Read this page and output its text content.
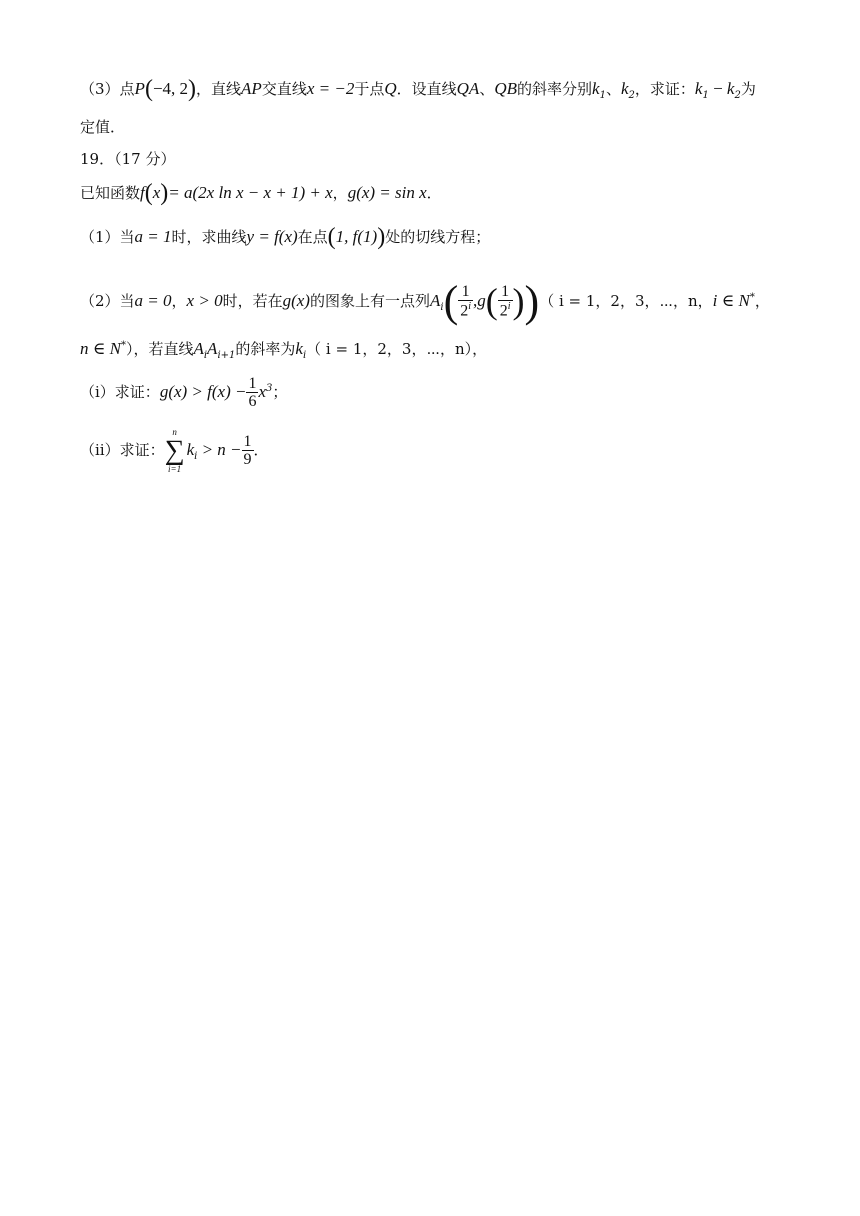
（3）点P(−4, 2)，直线AP交直线x = −2于点Q．设直线QA、QB的斜率分别$k_1$、$k_2$，求证：$k_1 - k_2$为
定值．
19．（17 分）
已知函数f(x)= a(2x ln x − x + 1) + x，g(x) = sin x．
（1）当a = 1时，求曲线y = f(x)在点(1, f(1))处的切线方程；
（2）当a = 0，x > 0时，若在g(x)的图象上有一点列$A_i( \frac{1}{2^i} ,g( \frac{1}{2^i}$ ))（ i = 1，2，3，⋯，n，i ∈ N*，
n ∈ N*），若直线$A_iA_{i+1}$的斜率为$k_i$（ i = 1，2，3，⋯，n），
（ⅰ）求证：$g(x) > f(x) - \frac{1}{6} x^3$；
（ⅱ）求证：
n
∑
i=1
$k_i > n - \frac{1}{9}$ ．
